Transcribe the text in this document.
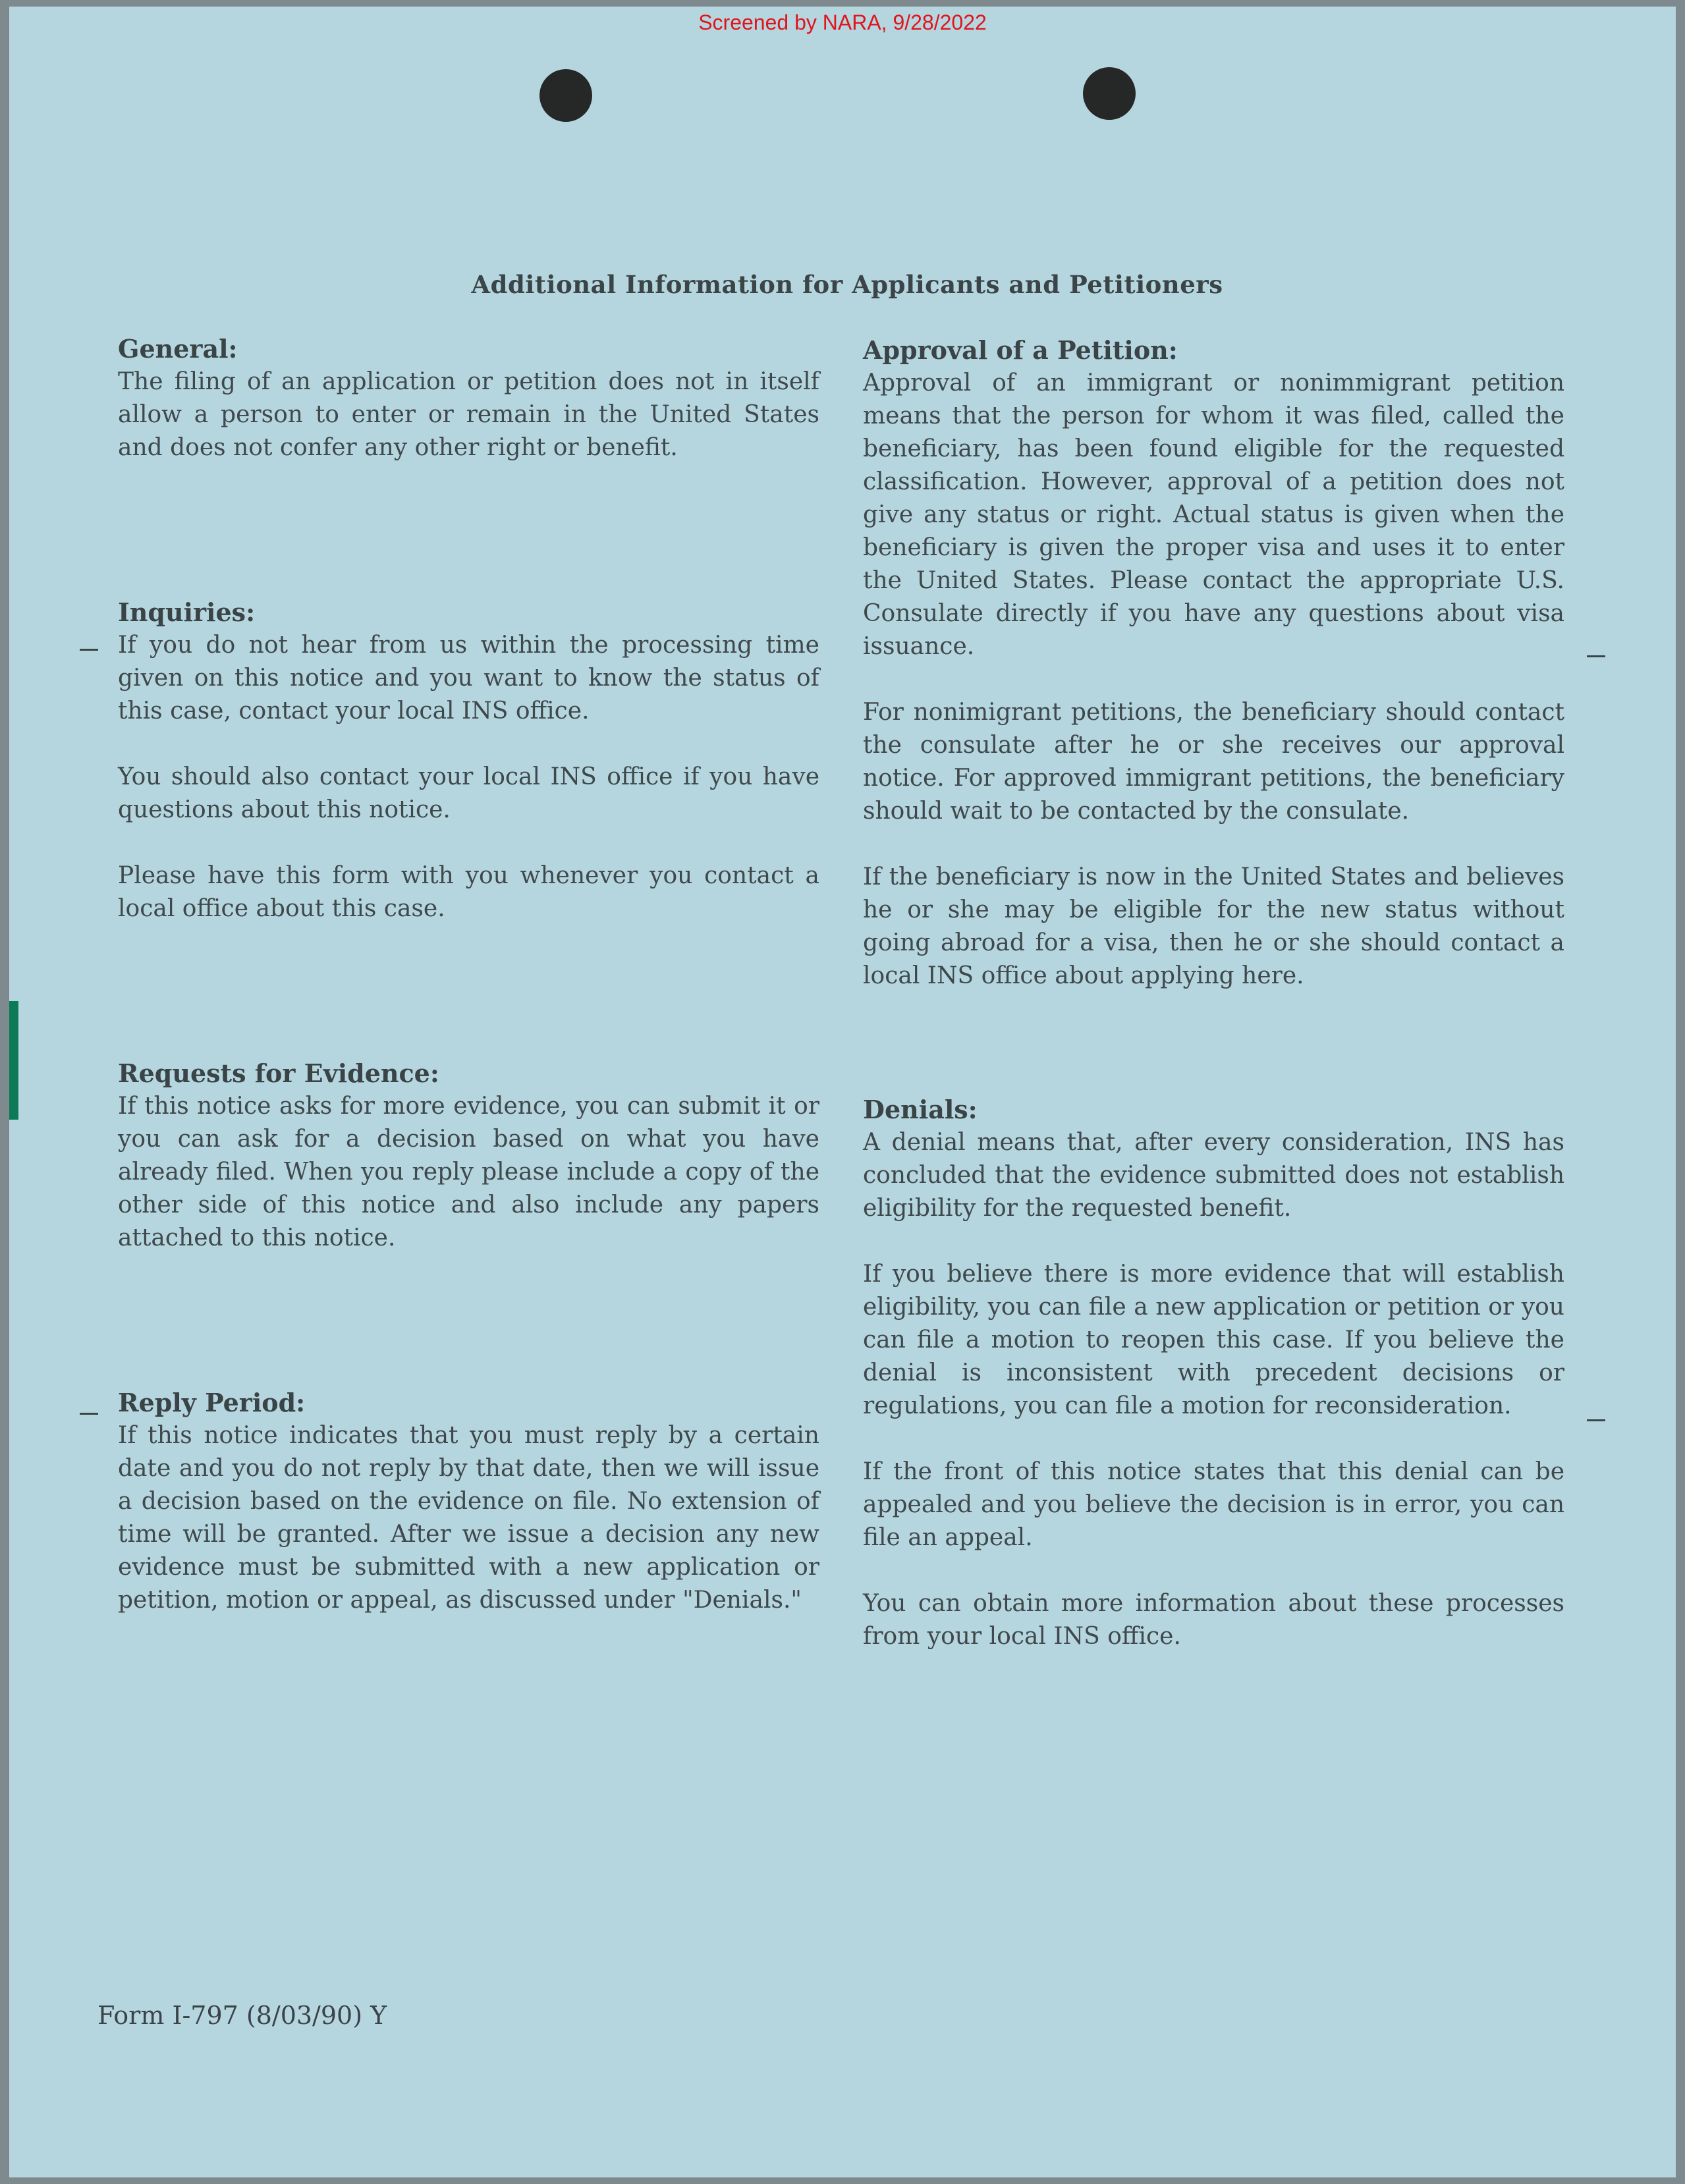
Screened by NARA, 9/28/2022
Additional Information for Applicants and Petitioners
General:

The filing of an application or petition does not in itself allow a person to enter or remain in the United States and does not confer any other right or benefit.

Inquiries:

If you do not hear from us within the processing time given on this notice and you want to know the status of this case, contact your local INS office.

You should also contact your local INS office if you have questions about this notice.

Please have this form with you whenever you contact a local office about this case.

Requests for Evidence:

If this notice asks for more evidence, you can submit it or you can ask for a decision based on what you have already filed. When you reply please include a copy of the other side of this notice and also include any papers attached to this notice.

Reply Period:

If this notice indicates that you must reply by a certain date and you do not reply by that date, then we will issue a decision based on the evidence on file. No extension of time will be granted. After we issue a decision any new evidence must be submitted with a new application or petition, motion or appeal, as discussed under "Denials."

Approval of a Petition:

Approval of an immigrant or nonimmigrant petition means that the person for whom it was filed, called the beneficiary, has been found eligible for the requested classification. However, approval of a petition does not give any status or right. Actual status is given when the beneficiary is given the proper visa and uses it to enter the United States. Please contact the appropriate U.S. Consulate directly if you have any questions about visa issuance.

For nonimigrant petitions, the beneficiary should contact the consulate after he or she receives our approval notice. For approved immigrant petitions, the beneficiary should wait to be contacted by the consulate.

If the beneficiary is now in the United States and believes he or she may be eligible for the new status without going abroad for a visa, then he or she should contact a local INS office about applying here.

Denials:

A denial means that, after every consideration, INS has concluded that the evidence submitted does not establish eligibility for the requested benefit.

If you believe there is more evidence that will establish eligibility, you can file a new application or petition or you can file a motion to reopen this case. If you believe the denial is inconsistent with precedent decisions or regulations, you can file a motion for reconsideration.

If the front of this notice states that this denial can be appealed and you believe the decision is in error, you can file an appeal.

You can obtain more information about these processes from your local INS office.

Form I-797 (8/03/90) Y
